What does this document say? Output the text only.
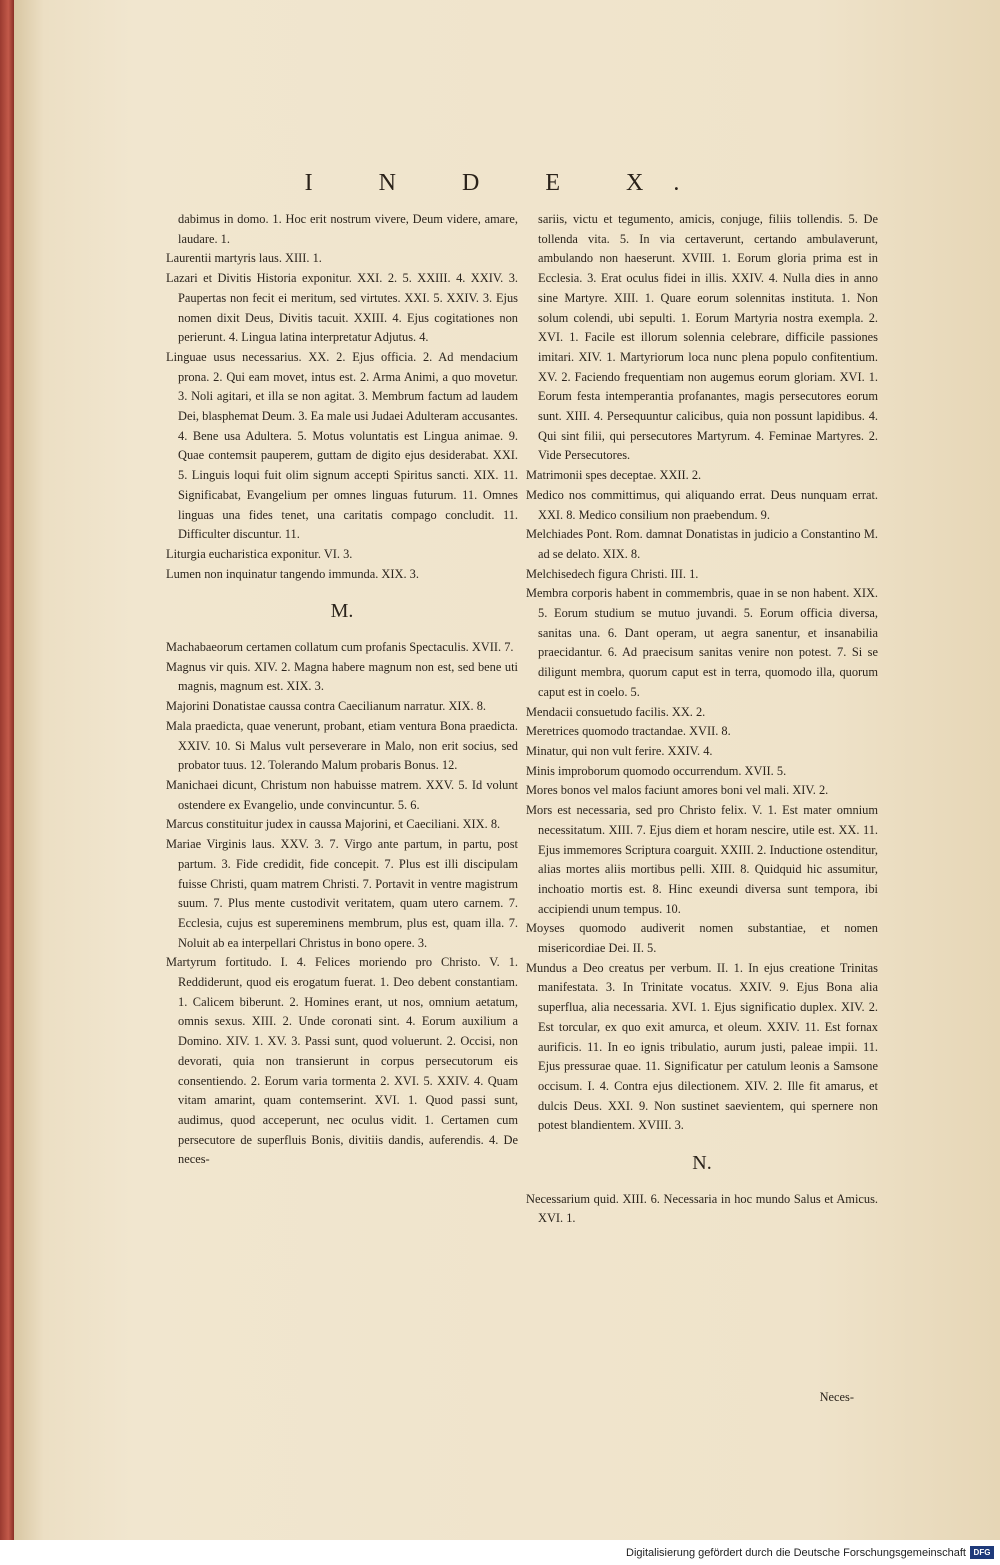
I N D E X.

dabimus in domo. 1. Hoc erit nostrum vivere, Deum videre, amare, laudare. 1.

Laurentii martyris laus. XIII. 1.

Lazari et Divitis Historia exponitur. XXI. 2. 5. XXIII. 4. XXIV. 3. Paupertas non fecit ei meritum, sed virtutes. XXI. 5. XXIV. 3. Ejus nomen dixit Deus, Divitis tacuit. XXIII. 4. Ejus cogitationes non perierunt. 4. Lingua latina interpretatur Adjutus. 4.

Linguae usus necessarius. XX. 2. Ejus officia. 2. Ad mendacium prona. 2. Qui eam movet, intus est. 2. Arma Animi, a quo movetur. 3. Noli agitari, et illa se non agitat. 3. Membrum factum ad laudem Dei, blasphemat Deum. 3. Ea male usi Judaei Adulteram accusantes. 4. Bene usa Adultera. 5. Motus voluntatis est Lingua animae. 9. Quae contemsit pauperem, guttam de digito ejus desiderabat. XXI. 5. Linguis loqui fuit olim signum accepti Spiritus sancti. XIX. 11. Significabat, Evangelium per omnes linguas futurum. 11. Omnes linguas una fides tenet, una caritatis compago concludit. 11. Difficulter discuntur. 11.

Liturgia eucharistica exponitur. VI. 3.

Lumen non inquinatur tangendo immunda. XIX. 3.

M.

Machabaeorum certamen collatum cum profanis Spectaculis. XVII. 7.

Magnus vir quis. XIV. 2. Magna habere magnum non est, sed bene uti magnis, magnum est. XIX. 3.

Majorini Donatistae caussa contra Caecilianum narratur. XIX. 8.

Mala praedicta, quae venerunt, probant, etiam ventura Bona praedicta. XXIV. 10. Si Malus vult perseverare in Malo, non erit socius, sed probator tuus. 12. Tolerando Malum probaris Bonus. 12.

Manichaei dicunt, Christum non habuisse matrem. XXV. 5. Id volunt ostendere ex Evangelio, unde convincuntur. 5. 6.

Marcus constituitur judex in caussa Majorini, et Caeciliani. XIX. 8.

Mariae Virginis laus. XXV. 3. 7. Virgo ante partum, in partu, post partum. 3. Fide credidit, fide concepit. 7. Plus est illi discipulam fuisse Christi, quam matrem Christi. 7. Portavit in ventre magistrum suum. 7. Plus mente custodivit veritatem, quam utero carnem. 7. Ecclesia, cujus est supereminens membrum, plus est, quam illa. 7. Noluit ab ea interpellari Christus in bono opere. 3.

Martyrum fortitudo. I. 4. Felices moriendo pro Christo. V. 1. Reddiderunt, quod eis erogatum fuerat. 1. Deo debent constantiam. 1. Calicem biberunt. 2. Homines erant, ut nos, omnium aetatum, omnis sexus. XIII. 2. Unde coronati sint. 4. Eorum auxilium a Domino. XIV. 1. XV. 3. Passi sunt, quod voluerunt. 2. Occisi, non devorati, quia non transierunt in corpus persecutorum eis consentiendo. 2. Eorum varia tormenta 2. XVI. 5. XXIV. 4. Quam vitam amarint, quam contemserint. XVI. 1. Quod passi sunt, audimus, quod acceperunt, nec oculus vidit. 1. Certamen cum persecutore de superfluis Bonis, divitiis dandis, auferendis. 4. De neces-

sariis, victu et tegumento, amicis, conjuge, filiis tollendis. 5. De tollenda vita. 5. In via certaverunt, certando ambulaverunt, ambulando non haeserunt. XVIII. 1. Eorum gloria prima est in Ecclesia. 3. Erat oculus fidei in illis. XXIV. 4. Nulla dies in anno sine Martyre. XIII. 1. Quare eorum solennitas instituta. 1. Non solum colendi, ubi sepulti. 1. Eorum Martyria nostra exempla. 2. XVI. 1. Facile est illorum solennia celebrare, difficile passiones imitari. XIV. 1. Martyriorum loca nunc plena populo confitentium. XV. 2. Faciendo frequentiam non augemus eorum gloriam. XVI. 1. Eorum festa intemperantia profanantes, magis persecutores eorum sunt. XIII. 4. Persequuntur calicibus, quia non possunt lapidibus. 4. Qui sint filii, qui persecutores Martyrum. 4. Feminae Martyres. 2. Vide Persecutores.

Matrimonii spes deceptae. XXII. 2.

Medico nos committimus, qui aliquando errat. Deus nunquam errat. XXI. 8. Medico consilium non praebendum. 9.

Melchiades Pont. Rom. damnat Donatistas in judicio a Constantino M. ad se delato. XIX. 8.

Melchisedech figura Christi. III. 1.

Membra corporis habent in commembris, quae in se non habent. XIX. 5. Eorum studium se mutuo juvandi. 5. Eorum officia diversa, sanitas una. 6. Dant operam, ut aegra sanentur, et insanabilia praecidantur. 6. Ad praecisum sanitas venire non potest. 7. Si se diligunt membra, quorum caput est in terra, quomodo illa, quorum caput est in coelo. 5.

Mendacii consuetudo facilis. XX. 2.

Meretrices quomodo tractandae. XVII. 8.

Minatur, qui non vult ferire. XXIV. 4.

Minis improborum quomodo occurrendum. XVII. 5.

Mores bonos vel malos faciunt amores boni vel mali. XIV. 2.

Mors est necessaria, sed pro Christo felix. V. 1. Est mater omnium necessitatum. XIII. 7. Ejus diem et horam nescire, utile est. XX. 11. Ejus immemores Scriptura coarguit. XXIII. 2. Inductione ostenditur, alias mortes aliis mortibus pelli. XIII. 8. Quidquid hic assumitur, inchoatio mortis est. 8. Hinc exeundi diversa sunt tempora, ibi accipiendi unum tempus. 10.

Moyses quomodo audiverit nomen substantiae, et nomen misericordiae Dei. II. 5.

Mundus a Deo creatus per verbum. II. 1. In ejus creatione Trinitas manifestata. 3. In Trinitate vocatus. XXIV. 9. Ejus Bona alia superflua, alia necessaria. XVI. 1. Ejus significatio duplex. XIV. 2. Est torcular, ex quo exit amurca, et oleum. XXIV. 11. Est fornax aurificis. 11. In eo ignis tribulatio, aurum justi, paleae impii. 11. Ejus pressurae quae. 11. Significatur per catulum leonis a Samsone occisum. I. 4. Contra ejus dilectionem. XIV. 2. Ille fit amarus, et dulcis Deus. XXI. 9. Non sustinet saevientem, qui spernere non potest blandientem. XVIII. 3.

N.

Necessarium quid. XIII. 6. Necessaria in hoc mundo Salus et Amicus. XVI. 1.

Neces-
Digitalisierung gefördert durch die Deutsche Forschungsgemeinschaft DFG
